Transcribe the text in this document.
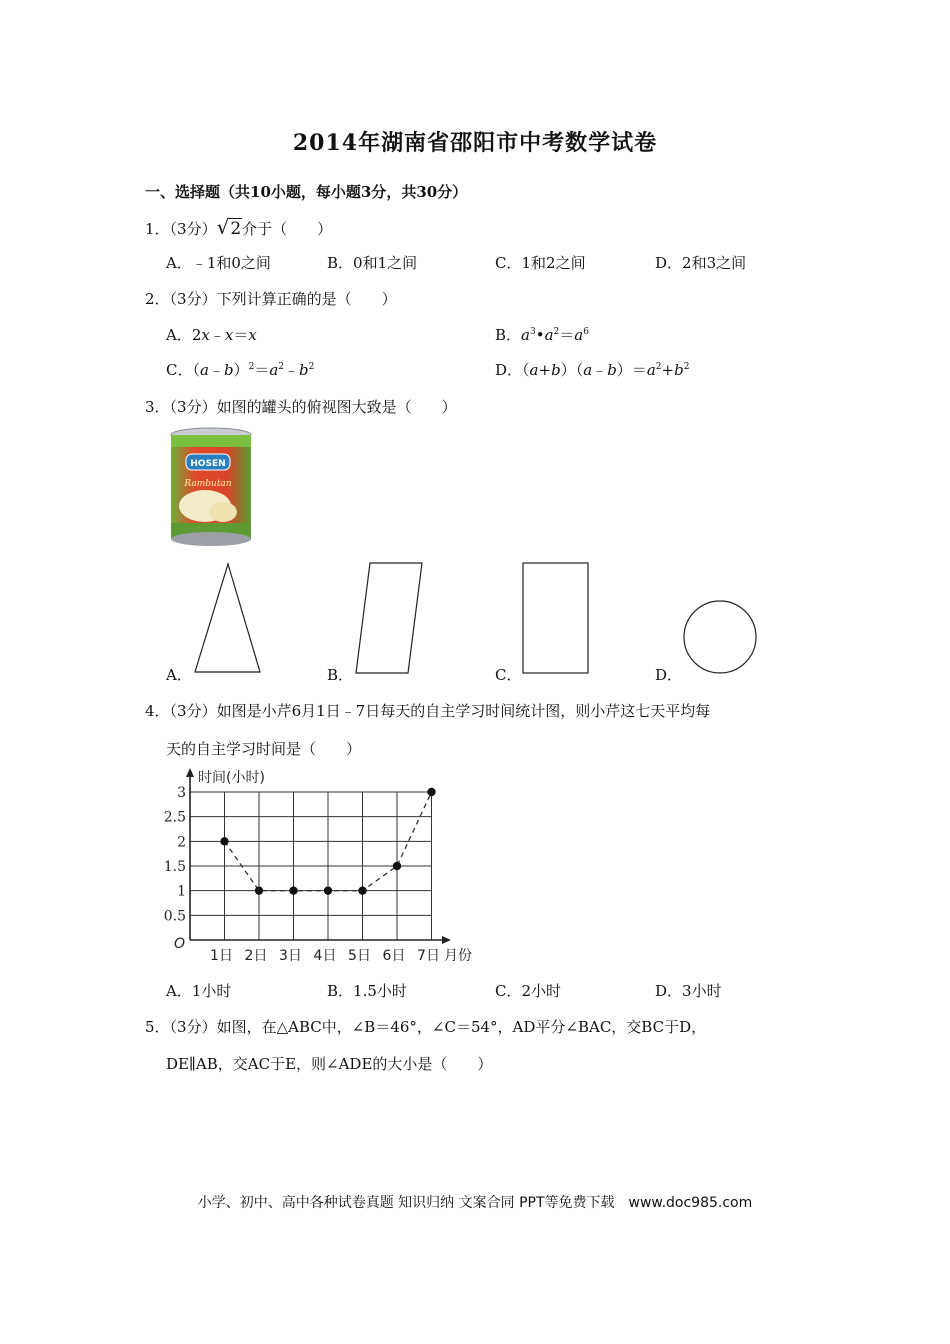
2014年湖南省邵阳市中考数学试卷
一、选择题（共10小题，每小题3分，共30分）
1．（3分）√2介于（　　）
A．﹣1和0之间	B．0和1之间	C．1和2之间	D．2和3之间
2．（3分）下列计算正确的是（　　）
A．2x﹣x＝x	B．$a^3•a^2=a^6$
C．$(a﹣b)^2=a^2﹣b^2$	D．$(a+b)(a﹣b)=a^2+b^2$
3．（3分）如图的罐头的俯视图大致是（　　）
HOSEN
Rambutan
A．	B．	C．	D．
4．（3分）如图是小芹6月1日﹣7日每天的自主学习时间统计图，则小芹这七天平均每
天的自主学习时间是（　　）
时间(小时)
月份
O
0.5
1
1.5
2
2.5
3
1日 2日 3日 4日 5日 6日 7日
A．1小时	B．1.5小时	C．2小时	D．3小时
5．（3分）如图，在△ABC中，∠B＝46°，∠C＝54°，AD平分∠BAC，交BC于D，
DE∥AB，交AC于E，则∠ADE的大小是（　　）
小学、初中、高中各种试卷真题 知识归纳 文案合同 PPT等免费下载　www.doc985.com
